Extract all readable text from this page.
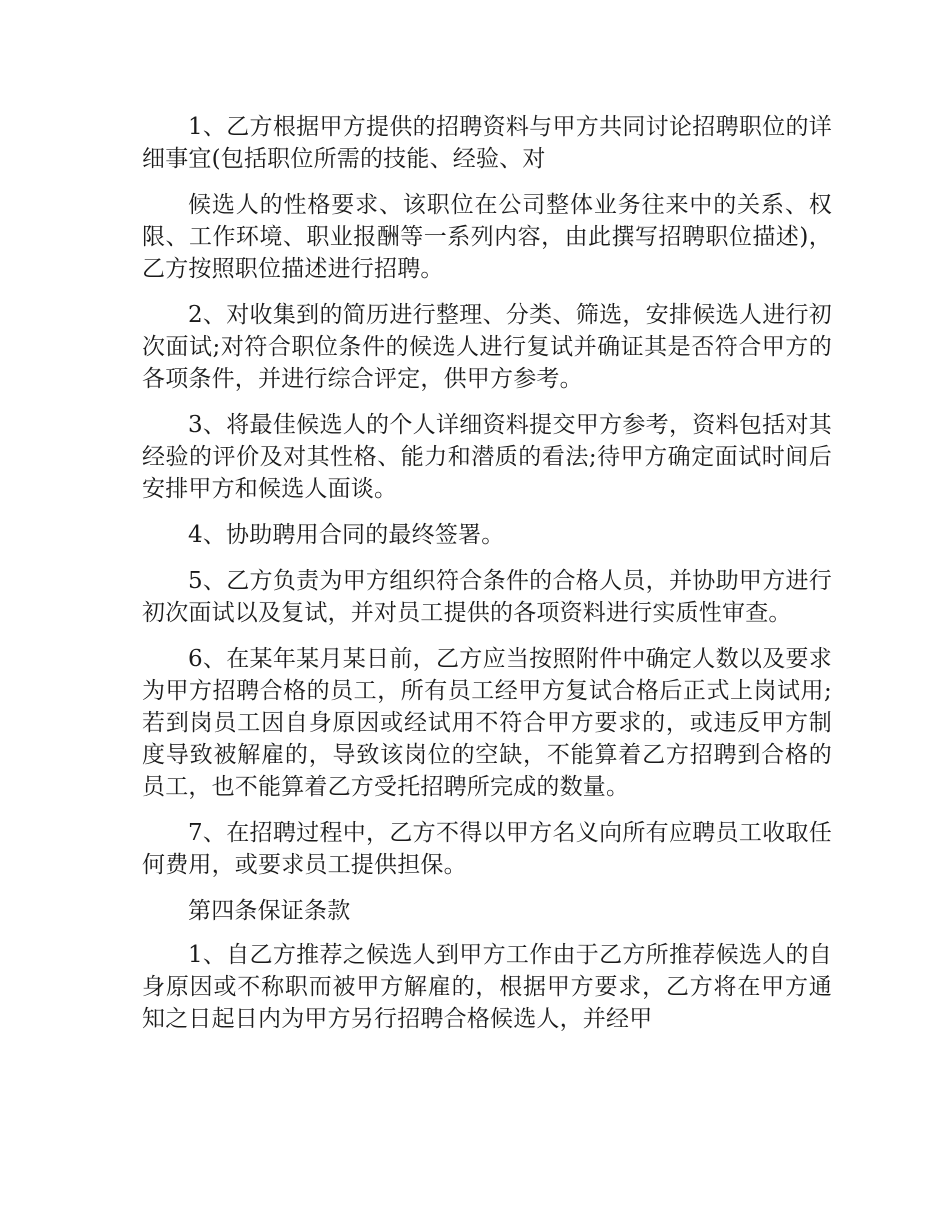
1、乙方根据甲方提供的招聘资料与甲方共同讨论招聘职位的详细事宜(包括职位所需的技能、经验、对

候选人的性格要求、该职位在公司整体业务往来中的关系、权限、工作环境、职业报酬等一系列内容，由此撰写招聘职位描述)，乙方按照职位描述进行招聘。

2、对收集到的简历进行整理、分类、筛选，安排候选人进行初次面试;对符合职位条件的候选人进行复试并确证其是否符合甲方的各项条件，并进行综合评定，供甲方参考。

3、将最佳候选人的个人详细资料提交甲方参考，资料包括对其经验的评价及对其性格、能力和潜质的看法;待甲方确定面试时间后安排甲方和候选人面谈。

4、协助聘用合同的最终签署。

5、乙方负责为甲方组织符合条件的合格人员，并协助甲方进行初次面试以及复试，并对员工提供的各项资料进行实质性审查。

6、在某年某月某日前，乙方应当按照附件中确定人数以及要求为甲方招聘合格的员工，所有员工经甲方复试合格后正式上岗试用;若到岗员工因自身原因或经试用不符合甲方要求的，或违反甲方制度导致被解雇的，导致该岗位的空缺，不能算着乙方招聘到合格的员工，也不能算着乙方受托招聘所完成的数量。

7、在招聘过程中，乙方不得以甲方名义向所有应聘员工收取任何费用，或要求员工提供担保。

第四条保证条款

1、自乙方推荐之候选人到甲方工作由于乙方所推荐候选人的自身原因或不称职而被甲方解雇的，根据甲方要求，乙方将在甲方通知之日起日内为甲方另行招聘合格候选人，并经甲
